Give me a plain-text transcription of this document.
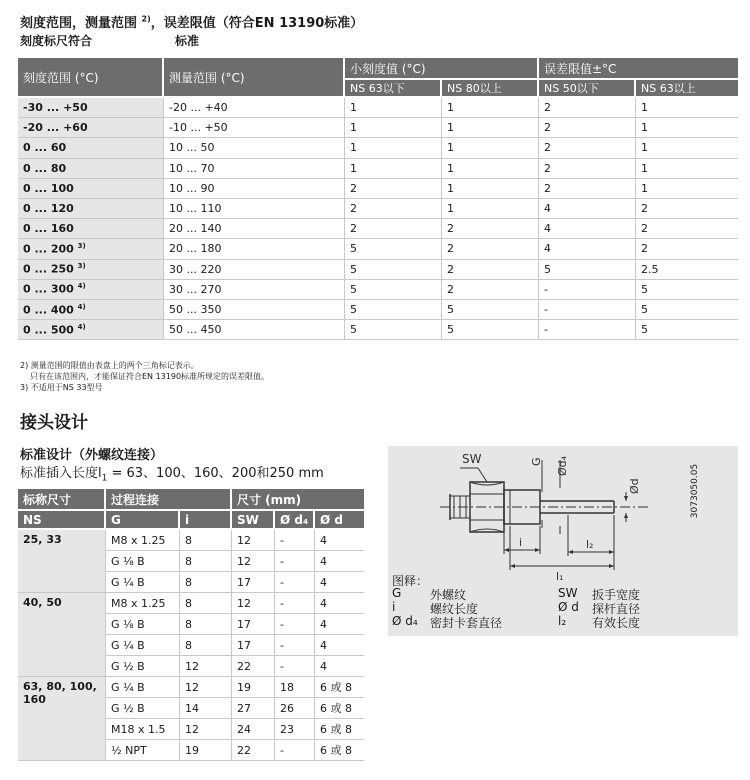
刻度范围，测量范围 $^{2)}$，误差限值（符合EN 13190标准）
刻度标尺符合	标准
刻度范围 (°C)	测量范围 (°C)	小刻度值 (°C)		误差限值±°C	
		NS 63以下	NS 80以上	NS 50以下	NS 63以上
-30 ... +50	-20 ... +40	1	1	2	1
-20 ... +60	-10 ... +50	1	1	2	1
0 ... 60	10 ... 50	1	1	2	1
0 ... 80	10 ... 70	1	1	2	1
0 ... 100	10 ... 90	2	1	2	1
0 ... 120	10 ... 110	2	1	4	2
0 ... 160	20 ... 140	2	2	4	2
0 ... 200 $^{3)}$	20 ... 180	5	2	4	2
0 ... 250 $^{3)}$	30 ... 220	5	2	5	2.5
0 ... 300 $^{4)}$	30 ... 270	5	2	-	5
0 ... 400 $^{4)}$	50 ... 350	5	5	-	5
0 ... 500 $^{4)}$	50 ... 450	5	5	-	5
2) 测量范围的限值由表盘上的两个三角标记表示。
只有在该范围内，才能保证符合EN 13190标准所规定的误差限值。
3) 不适用于NS 33型号
接头设计
标准设计（外螺纹连接）
标准插入长度$l_1 = 63$、100、160、200和250 mm
标称尺寸	过程连接		尺寸 (mm)		
NS	G	i	SW	Ø d₄	Ø d
25, 33	M8 x 1.25	8	12	-	4
	G ⅛ B	8	12	-	4
	G ¼ B	8	17	-	4
40, 50	M8 x 1.25	8	12	-	4
	G ⅛ B	8	17	-	4
	G ¼ B	8	17	-	4
	G ½ B	12	22	-	4
63, 80, 100, 160	G ¼ B	12	19	18	6 或 8
	G ½ B	14	27	26	6 或 8
	M18 x 1.5	12	24	23	6 或 8
	½ NPT	19	22	-	6 或 8
SW	G Ød₄
Ød
i	l₂
l₁
3073050.05
图释：
G 外螺纹
i	螺纹长度
Ø d₄ 密封卡套直径
SW 扳手宽度
Ø d 探杆直径
l₂ 有效长度
